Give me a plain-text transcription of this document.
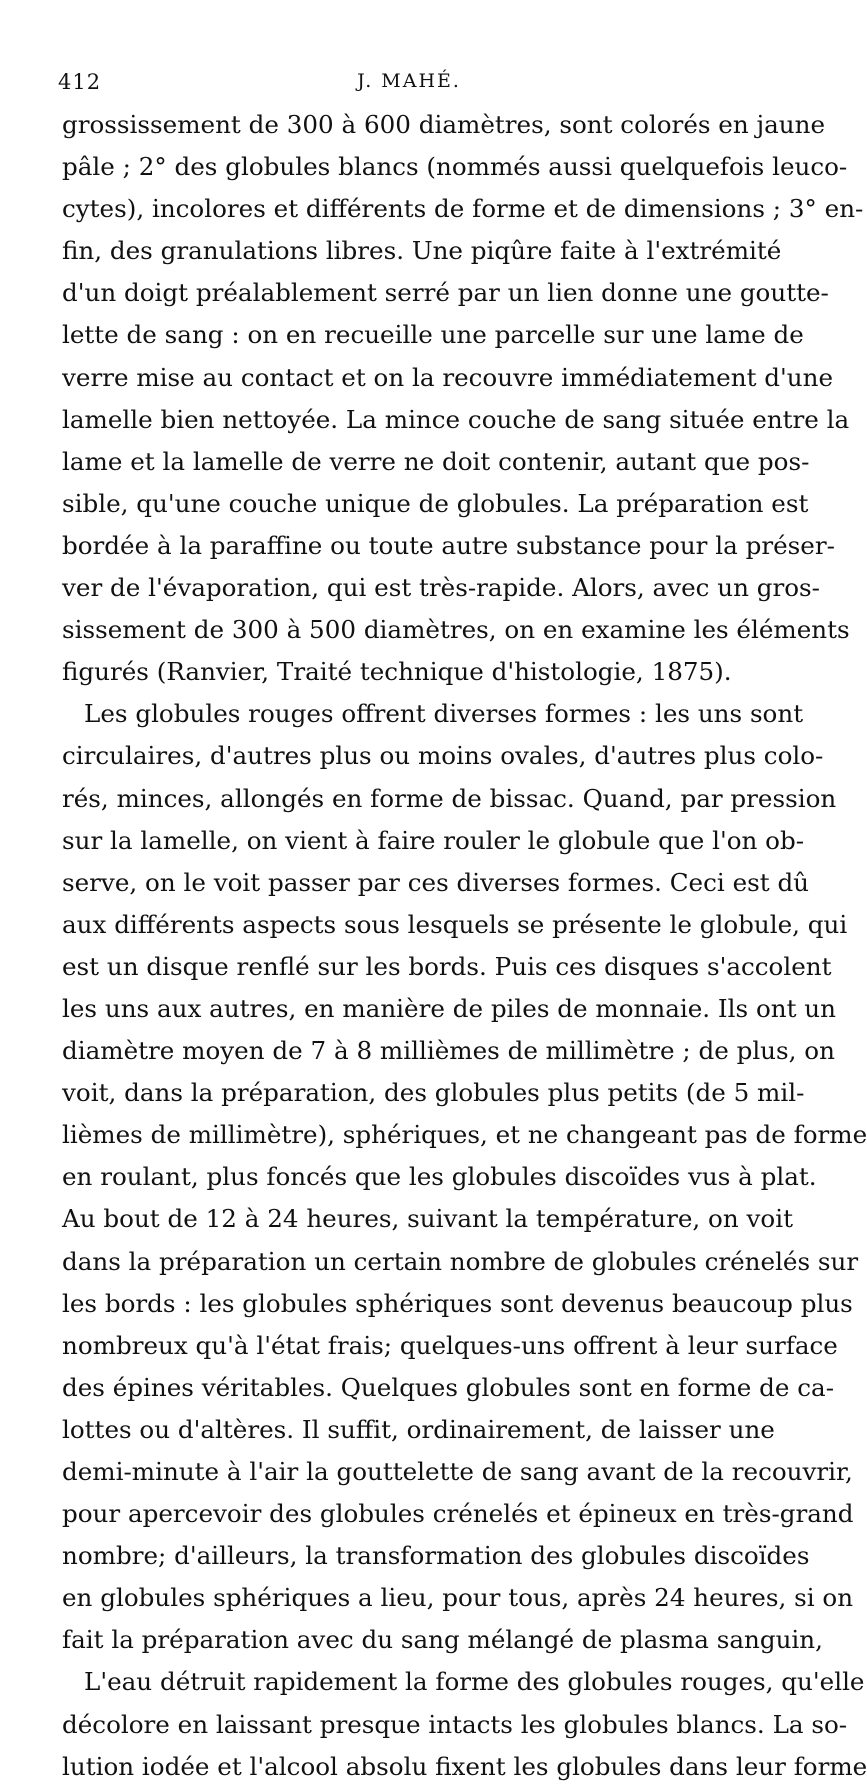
412	J. MAHÉ.
grossissement de 300 à 600 diamètres, sont colorés en jaune
pâle ; 2° des globules blancs (nommés aussi quelquefois leuco-
cytes), incolores et différents de forme et de dimensions ; 3° en-
fin, des granulations libres. Une piqûre faite à l'extrémité
d'un doigt préalablement serré par un lien donne une goutte-
lette de sang : on en recueille une parcelle sur une lame de
verre mise au contact et on la recouvre immédiatement d'une
lamelle bien nettoyée. La mince couche de sang située entre la
lame et la lamelle de verre ne doit contenir, autant que pos-
sible, qu'une couche unique de globules. La préparation est
bordée à la paraffine ou toute autre substance pour la préser-
ver de l'évaporation, qui est très-rapide. Alors, avec un gros-
sissement de 300 à 500 diamètres, on en examine les éléments
figurés (Ranvier, Traité technique d'histologie, 1875).
Les globules rouges offrent diverses formes : les uns sont
circulaires, d'autres plus ou moins ovales, d'autres plus colo-
rés, minces, allongés en forme de bissac. Quand, par pression
sur la lamelle, on vient à faire rouler le globule que l'on ob-
serve, on le voit passer par ces diverses formes. Ceci est dû
aux différents aspects sous lesquels se présente le globule, qui
est un disque renflé sur les bords. Puis ces disques s'accolent
les uns aux autres, en manière de piles de monnaie. Ils ont un
diamètre moyen de 7 à 8 millièmes de millimètre ; de plus, on
voit, dans la préparation, des globules plus petits (de 5 mil-
lièmes de millimètre), sphériques, et ne changeant pas de forme
en roulant, plus foncés que les globules discoïdes vus à plat.
Au bout de 12 à 24 heures, suivant la température, on voit
dans la préparation un certain nombre de globules crénelés sur
les bords : les globules sphériques sont devenus beaucoup plus
nombreux qu'à l'état frais; quelques-uns offrent à leur surface
des épines véritables. Quelques globules sont en forme de ca-
lottes ou d'altères. Il suffit, ordinairement, de laisser une
demi-minute à l'air la gouttelette de sang avant de la recouvrir,
pour apercevoir des globules crénelés et épineux en très-grand
nombre; d'ailleurs, la transformation des globules discoïdes
en globules sphériques a lieu, pour tous, après 24 heures, si on
fait la préparation avec du sang mélangé de plasma sanguin,
L'eau détruit rapidement la forme des globules rouges, qu'elle
décolore en laissant presque intacts les globules blancs. La so-
lution iodée et l'alcool absolu fixent les globules dans leur forme
